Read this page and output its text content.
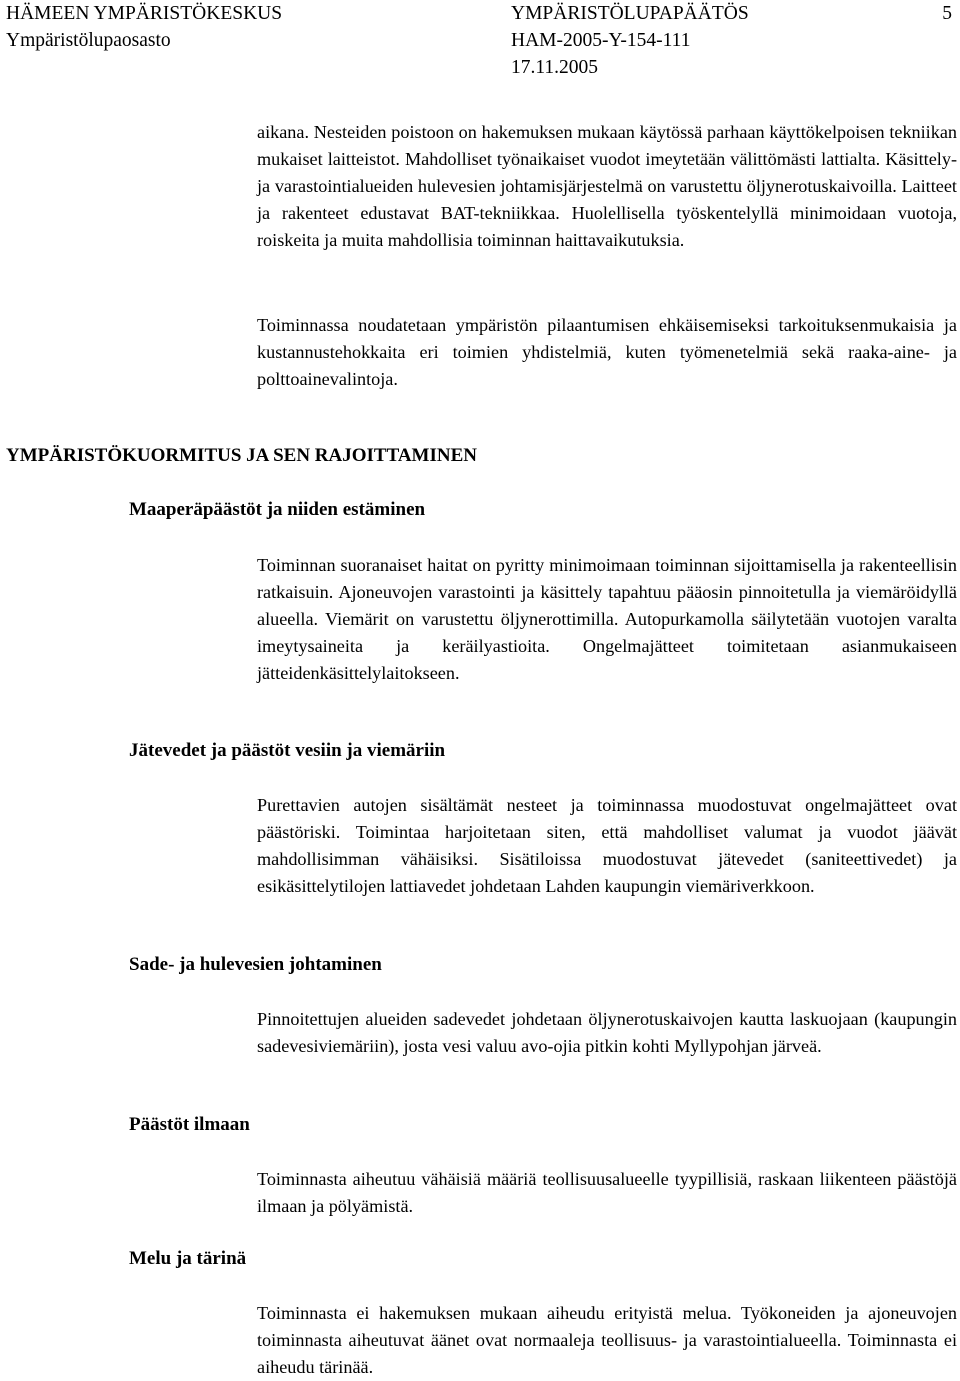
HÄMEEN YMPÄRISTÖKESKUS	YMPÄRISTÖLUPAPÄÄTÖS	5
Ympäristölupaosasto	HAM-2005-Y-154-111
17.11.2005

aikana. Nesteiden poistoon on hakemuksen mukaan käytössä parhaan käyttökelpoisen tekniikan mukaiset laitteistot. Mahdolliset työnaikaiset vuodot imeytetään välittömästi lattialta. Käsittely- ja varastointialueiden hulevesien johtamisjärjestelmä on varustettu öljynerotuskaivoilla. Laitteet ja rakenteet edustavat BAT-tekniikkaa. Huolellisella työskentelyllä minimoidaan vuotoja, roiskeita ja muita mahdollisia toiminnan haittavaikutuksia.

Toiminnassa noudatetaan ympäristön pilaantumisen ehkäisemiseksi tarkoituksenmukaisia ja kustannustehokkaita eri toimien yhdistelmiä, kuten työmenetelmiä sekä raaka-aine- ja polttoainevalintoja.

YMPÄRISTÖKUORMITUS JA SEN RAJOITTAMINEN
Maaperäpäästöt ja niiden estäminen

Toiminnan suoranaiset haitat on pyritty minimoimaan toiminnan sijoittamisella ja rakenteellisin ratkaisuin. Ajoneuvojen varastointi ja käsittely tapahtuu pääosin pinnoitetulla ja viemäröidyllä alueella. Viemärit on varustettu öljynerottimilla. Autopurkamolla säilytetään vuotojen varalta imeytysaineita ja keräilyastioita. Ongelmajätteet toimitetaan asianmukaiseen jätteidenkäsittelylaitokseen.

Jätevedet ja päästöt vesiin ja viemäriin

Purettavien autojen sisältämät nesteet ja toiminnassa muodostuvat ongelmajätteet ovat päästöriski. Toimintaa harjoitetaan siten, että mahdolliset valumat ja vuodot jäävät mahdollisimman vähäisiksi. Sisätiloissa muodostuvat jätevedet (saniteettivedet) ja esikäsittelytilojen lattiavedet johdetaan Lahden kaupungin viemäriverkkoon.

Sade- ja hulevesien johtaminen

Pinnoitettujen alueiden sadevedet johdetaan öljynerotuskaivojen kautta laskuojaan (kaupungin sadevesiviemäriin), josta vesi valuu avo-ojia pitkin kohti Myllypohjan järveä.

Päästöt ilmaan

Toiminnasta aiheutuu vähäisiä määriä teollisuusalueelle tyypillisiä, raskaan liikenteen päästöjä ilmaan ja pölyämistä.

Melu ja tärinä

Toiminnasta ei hakemuksen mukaan aiheudu erityistä melua. Työkoneiden ja ajoneuvojen toiminnasta aiheutuvat äänet ovat normaaleja teollisuus- ja varastointialueella. Toiminnasta ei aiheudu tärinää.
